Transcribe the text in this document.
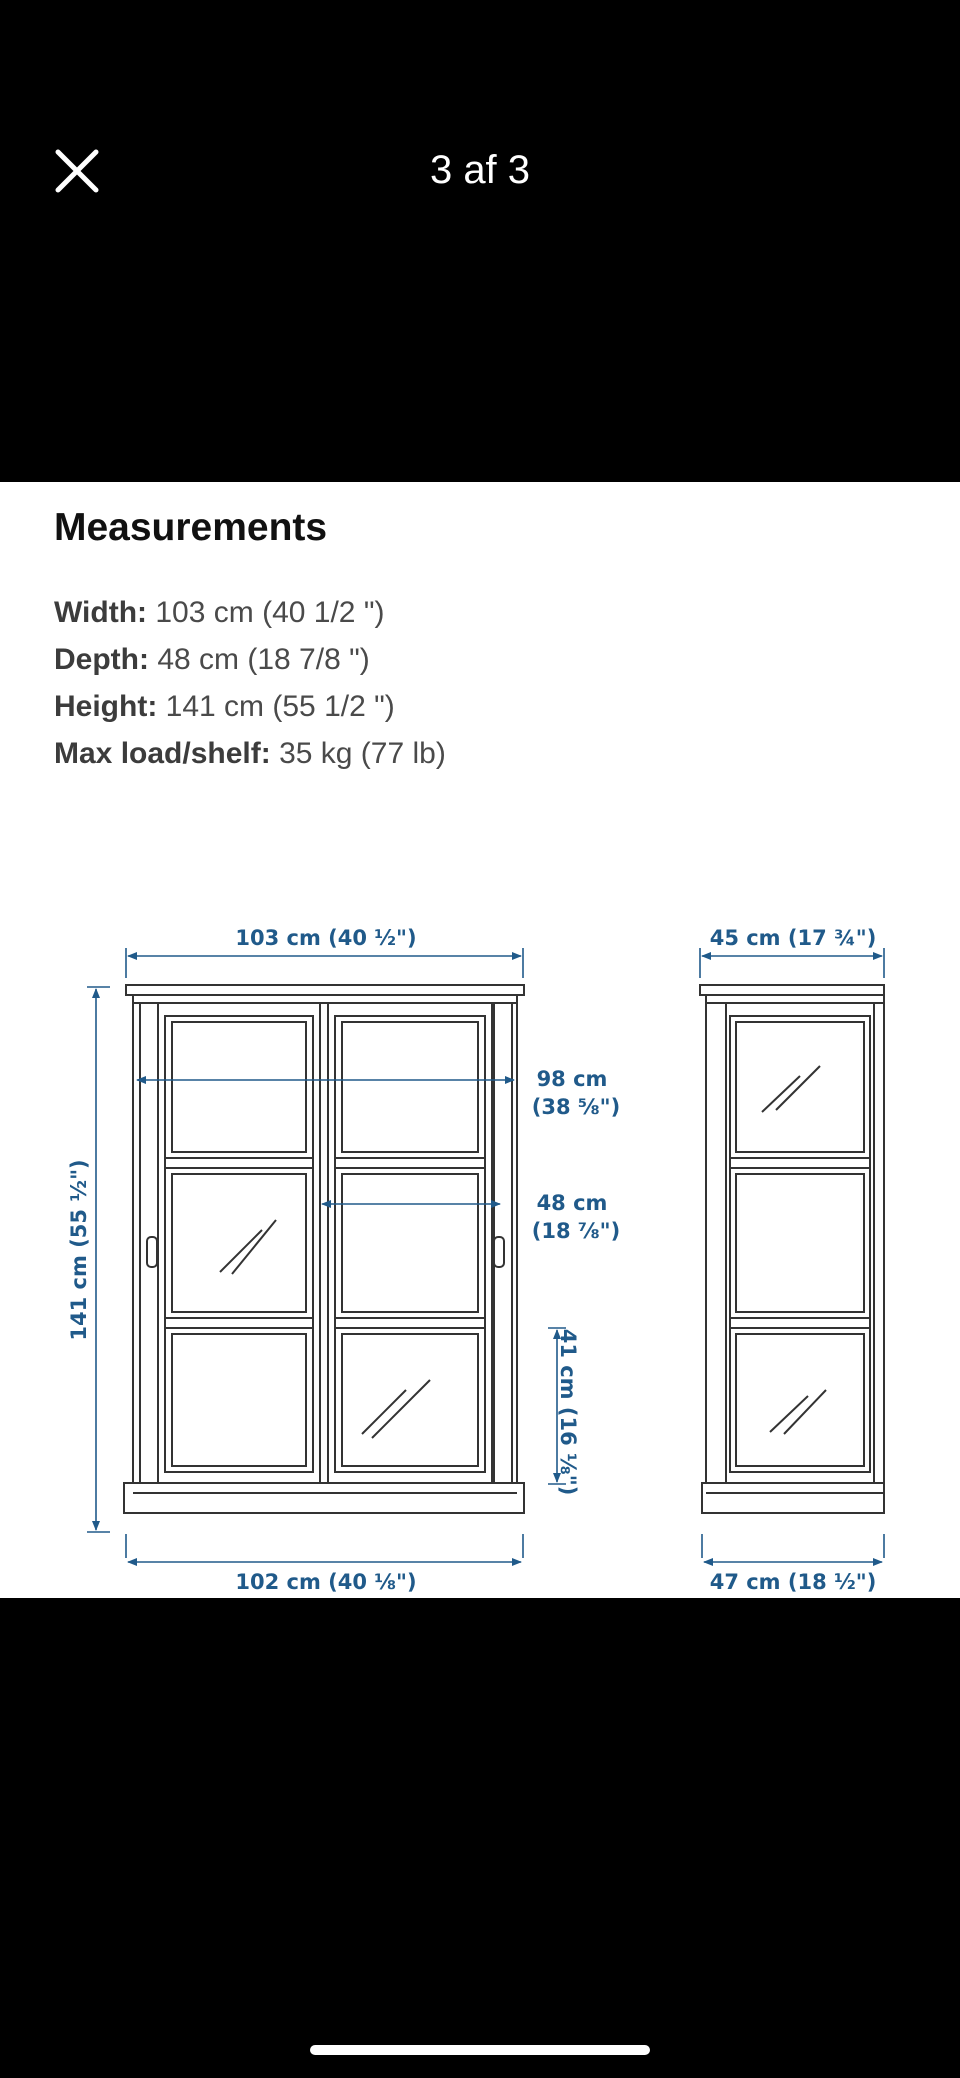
3 af 3
Measurements
Width: 103 cm (40 1/2 ")
Depth: 48 cm (18 7/8 ")
Height: 141 cm (55 1/2 ")
Max load/shelf: 35 kg (77 lb)
103 cm (40 ½")
102 cm (40 ⅛")
141 cm (55 ½")
98 cm
(38 ⅝")
48 cm
(18 ⅞")
41 cm (16 ⅛")
45 cm (17 ¾")
47 cm (18 ½")
